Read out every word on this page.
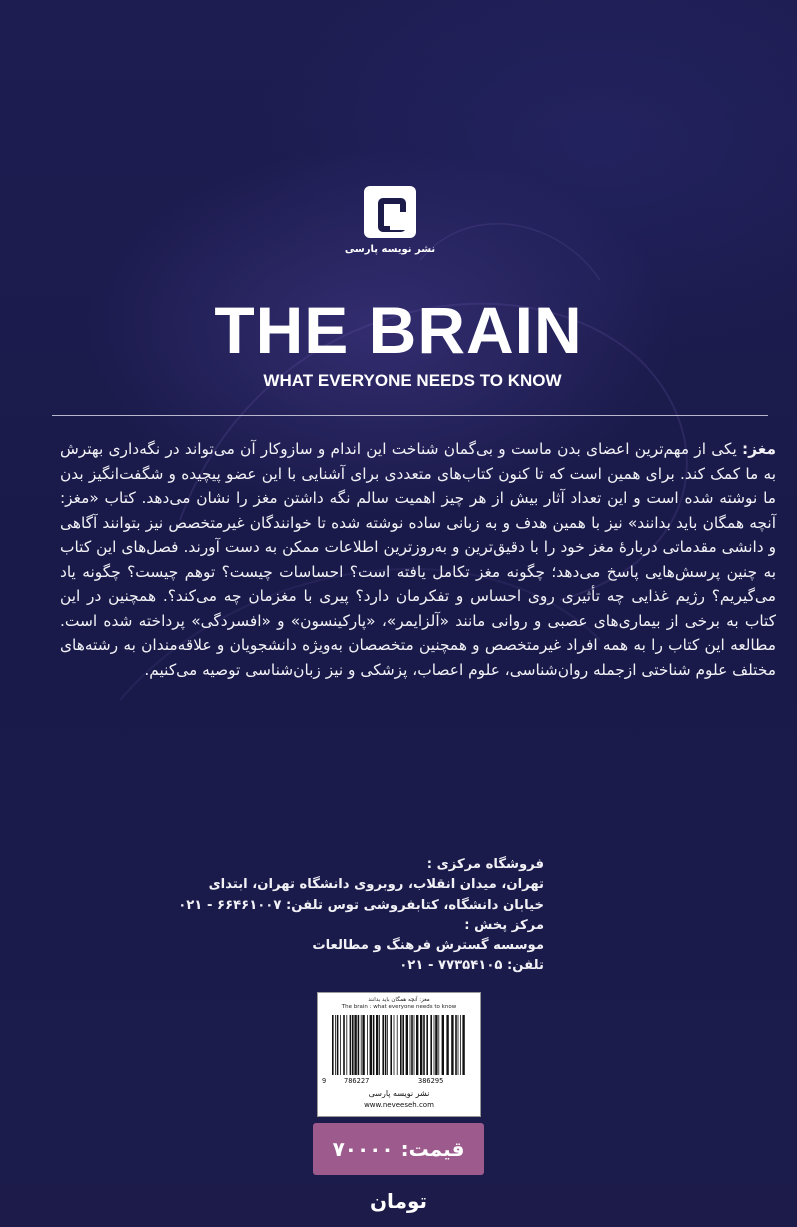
نشر نویسه پارسی
THE BRAIN
WHAT EVERYONE NEEDS TO KNOW
مغز: یکی از مهم‌ترین اعضای بدن ماست و بی‌گمان شناخت این اندام و سازوکار آن می‌تواند در نگه‌داری بهترش به ما کمک کند. برای همین است که تا کنون کتاب‌های متعددی برای آشنایی با این عضو پیچیده و شگفت‌انگیز بدن ما نوشته شده است و این تعداد آثار بیش از هر چیز اهمیت سالم نگه داشتن مغز را نشان می‌دهد. کتاب «مغز: آنچه همگان باید بدانند» نیز با همین هدف و به زبانی ساده نوشته شده تا خوانندگان غیرمتخصص نیز بتوانند آگاهی و دانشی مقدماتی دربارهٔ مغز خود را با دقیق‌ترین و به‌روزترین اطلاعات ممکن به دست آورند. فصل‌های این کتاب به چنین پرسش‌هایی پاسخ می‌دهد؛ چگونه مغز تکامل یافته است؟ احساسات چیست؟ توهم چیست؟ چگونه یاد می‌گیریم؟ رژیم غذایی چه تأثیری روی احساس و تفکرمان دارد؟ پیری با مغزمان چه می‌کند؟. همچنین در این کتاب به برخی از بیماری‌های عصبی و روانی مانند «آلزایمر»، «پارکینسون» و «افسردگی» پرداخته شده است. مطالعه این کتاب را به همه افراد غیرمتخصص و همچنین متخصصان به‌ویژه دانشجویان و علاقه‌مندان به رشته‌های مختلف علوم شناختی ازجمله روان‌شناسی، علوم اعصاب، پزشکی و نیز زبان‌شناسی توصیه می‌کنیم.
فروشگاه مرکزی :
تهران، میدان انقلاب، روبروی دانشگاه تهران، ابتدای
خیابان دانشگاه، کتابفروشی توس تلفن: ۶۶۴۶۱۰۰۷ - ۰۲۱
مرکز پخش :
موسسه گسترش فرهنگ و مطالعات
تلفن: ۷۷۳۵۴۱۰۵ - ۰۲۱
مغز: آنچه همگان باید بدانند
The brain : what everyone needs to know
9	786227	386295
نشر نویسه پارسی
www.neveeseh.com
قیمت: ۷۰۰۰۰ تومان
